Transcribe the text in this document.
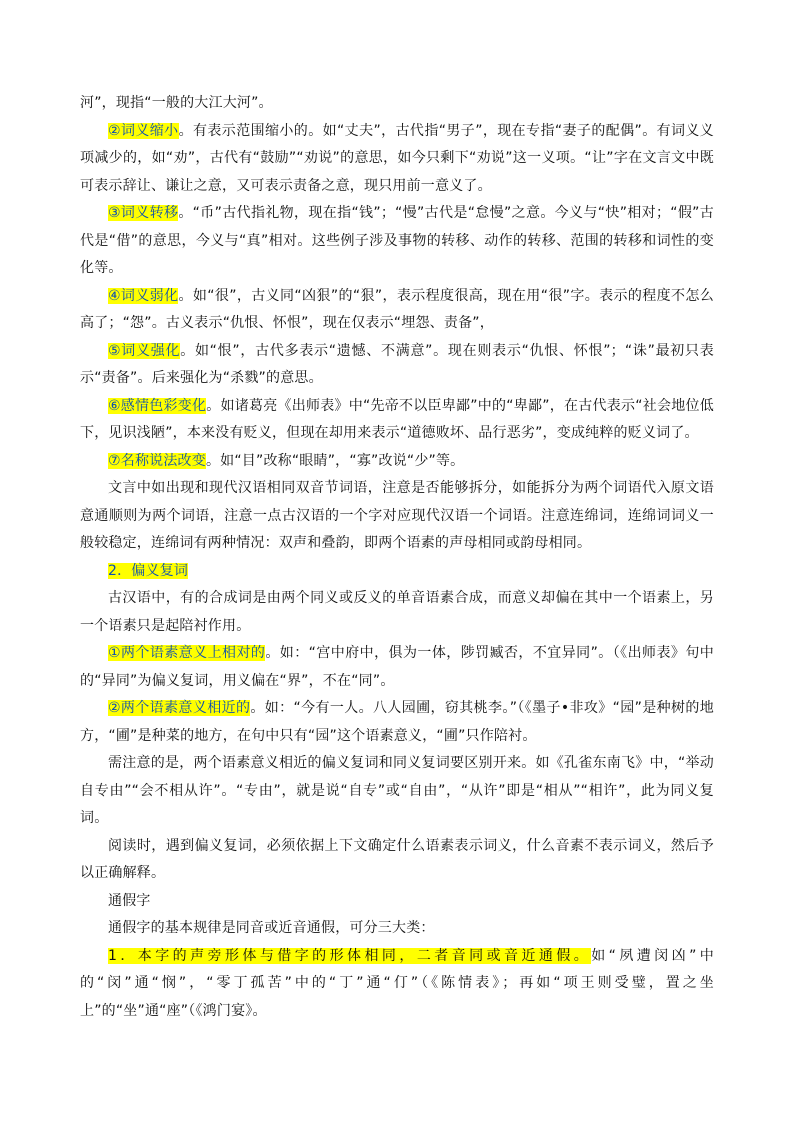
河”，现指“一般的大江大河”。

②词义缩小。有表示范围缩小的。如“丈夫”，古代指“男子”，现在专指“妻子的配偶”。有词义义项减少的，如“劝”，古代有“鼓励”“劝说”的意思，如今只剩下“劝说”这一义项。“让”字在文言文中既可表示辞让、谦让之意，又可表示责备之意，现只用前一意义了。

③词义转移。“币”古代指礼物，现在指“钱”；“慢”古代是“怠慢”之意。今义与“快”相对；“假”古代是“借”的意思，今义与“真”相对。这些例子涉及事物的转移、动作的转移、范围的转移和词性的变化等。

④词义弱化。如“很”，古义同“凶狠”的“狠”，表示程度很高，现在用“很”字。表示的程度不怎么高了；“怨”。古义表示“仇恨、怀恨”，现在仅表示“埋怨、责备”，

⑤词义强化。如“恨”，古代多表示“遗憾、不满意”。现在则表示“仇恨、怀恨”；“诛”最初只表示“责备”。后来强化为“杀戮”的意思。

⑥感情色彩变化。如诸葛亮《出师表》中“先帝不以臣卑鄙”中的“卑鄙”，在古代表示“社会地位低下，见识浅陋”，本来没有贬义，但现在却用来表示“道德败坏、品行恶劣”，变成纯粹的贬义词了。

⑦名称说法改变。如“目”改称“眼睛”，“寡”改说“少”等。

文言中如出现和现代汉语相同双音节词语，注意是否能够拆分，如能拆分为两个词语代入原文语意通顺则为两个词语，注意一点古汉语的一个字对应现代汉语一个词语。注意连绵词，连绵词词义一般较稳定，连绵词有两种情况：双声和叠韵，即两个语素的声母相同或韵母相同。

2．偏义复词

古汉语中，有的合成词是由两个同义或反义的单音语素合成，而意义却偏在其中一个语素上，另一个语素只是起陪衬作用。

①两个语素意义上相对的。如：“宫中府中，俱为一体，陟罚臧否，不宜异同”。（《出师表》句中的“异同”为偏义复词，用义偏在“界”，不在“同”。

②两个语素意义相近的。如：“今有一人。八人园圃，窃其桃李。”（《墨子•非攻》“园”是种树的地方，“圃”是种菜的地方，在句中只有“园”这个语素意义，“圃”只作陪衬。

需注意的是，两个语素意义相近的偏义复词和同义复词要区别开来。如《孔雀东南飞》中，“举动自专由”“会不相从许”。“专由”，就是说“自专”或“自由”，“从许”即是“相从”“相许”，此为同义复词。

阅读时，遇到偏义复词，必须依据上下文确定什么语素表示词义，什么音素不表示词义，然后予以正确解释。

通假字

通假字的基本规律是同音或近音通假，可分三大类：

1．本字的声旁形体与借字的形体相同，二者音同或音近通假。如“夙遭闵凶”中的“闵”通“悯”，“零丁孤苦”中的“丁”通“仃”（《陈情表》；再如“项王则受璧，置之坐上”的“坐”通“座”（《鸿门宴》。
